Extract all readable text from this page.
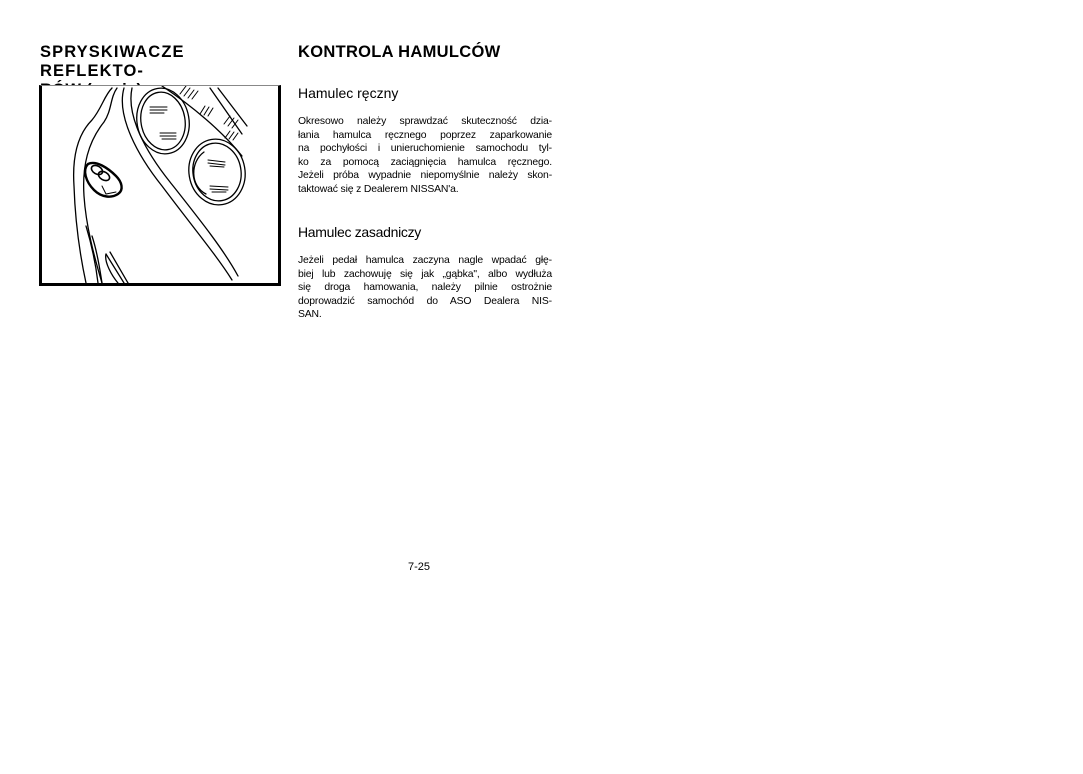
SPRYSKIWACZE REFLEKTO-

KONTROLA HAMULCÓW
Hamulec ręczny

Okresowo należy sprawdzać skuteczność dzia-
łania hamulca ręcznego poprzez zaparkowanie
na pochyłości i unieruchomienie samochodu tyl-
ko za pomocą zaciągnięcia hamulca ręcznego.
Jeżeli próba wypadnie niepomyślnie należy skon-
taktować się z Dealerem NISSAN'a.

Hamulec zasadniczy

Jeżeli pedał hamulca zaczyna nagle wpadać głę-
biej lub zachowuję się jak „gąbka", albo wydłuża
się droga hamowania, należy pilnie ostrożnie
doprowadzić samochód do ASO Dealera NIS-
SAN.

7-25
